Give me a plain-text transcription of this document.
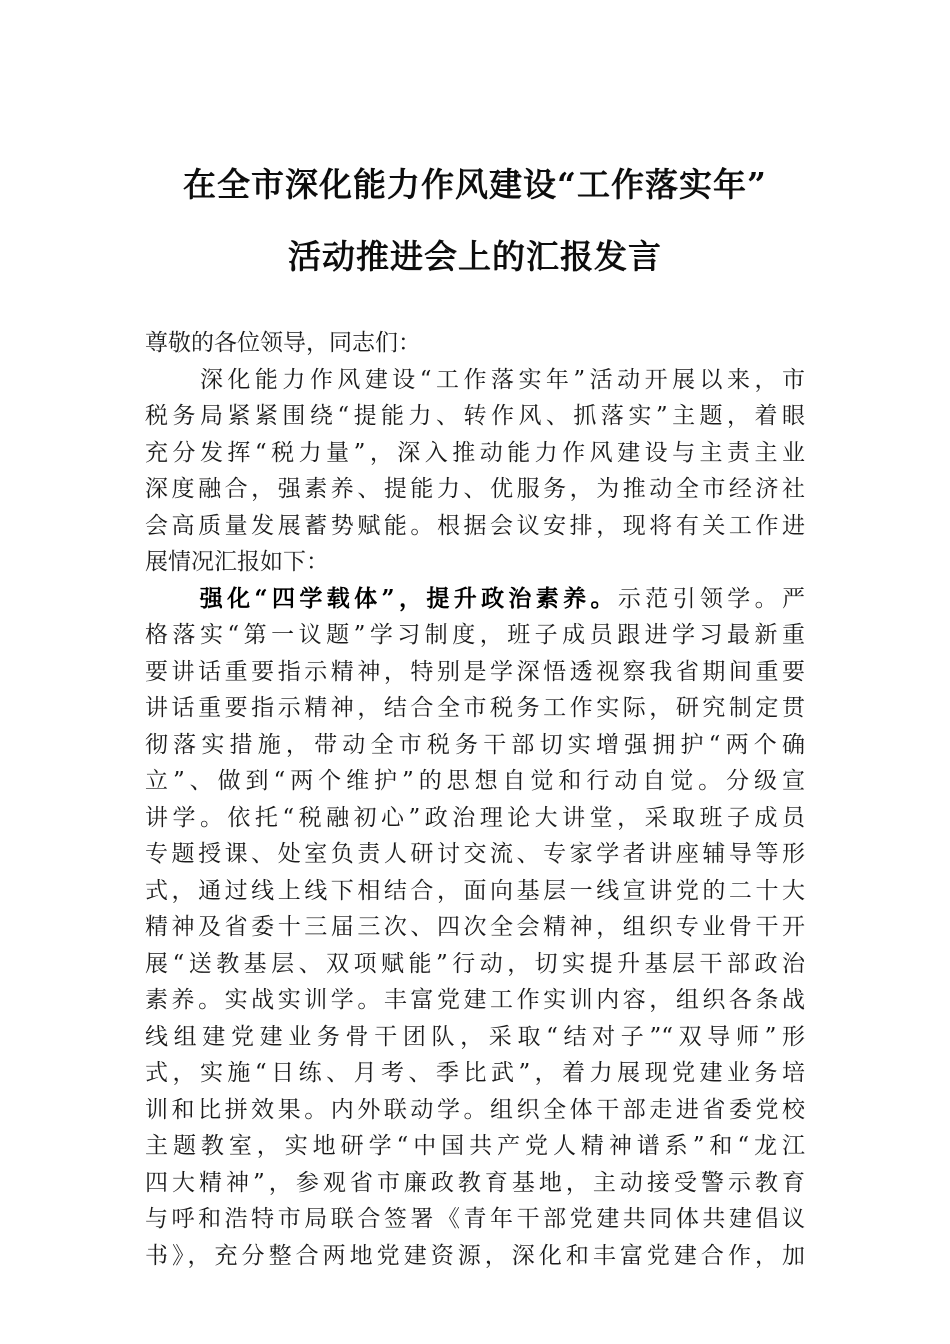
在全市深化能力作风建设“工作落实年”
活动推进会上的汇报发言
尊敬的各位领导，同志们：
　　深化能力作风建设“工作落实年”活动开展以来，市
税务局紧紧围绕“提能力、转作风、抓落实”主题，着眼
充分发挥“税力量”，深入推动能力作风建设与主责主业
深度融合，强素养、提能力、优服务，为推动全市经济社
会高质量发展蓄势赋能。根据会议安排，现将有关工作进
展情况汇报如下：
　　强化“四学载体”，提升政治素养。示范引领学。严
格落实“第一议题”学习制度，班子成员跟进学习最新重
要讲话重要指示精神，特别是学深悟透视察我省期间重要
讲话重要指示精神，结合全市税务工作实际，研究制定贯
彻落实措施，带动全市税务干部切实增强拥护“两个确
立”、做到“两个维护”的思想自觉和行动自觉。分级宣
讲学。依托“税融初心”政治理论大讲堂，采取班子成员
专题授课、处室负责人研讨交流、专家学者讲座辅导等形
式，通过线上线下相结合，面向基层一线宣讲党的二十大
精神及省委十三届三次、四次全会精神，组织专业骨干开
展“送教基层、双项赋能”行动，切实提升基层干部政治
素养。实战实训学。丰富党建工作实训内容，组织各条战
线组建党建业务骨干团队，采取“结对子”“双导师”形
式，实施“日练、月考、季比武”，着力展现党建业务培
训和比拼效果。内外联动学。组织全体干部走进省委党校
主题教室，实地研学“中国共产党人精神谱系”和“龙江
四大精神”，参观省市廉政教育基地，主动接受警示教育
与呼和浩特市局联合签署《青年干部党建共同体共建倡议
书》，充分整合两地党建资源，深化和丰富党建合作，加
